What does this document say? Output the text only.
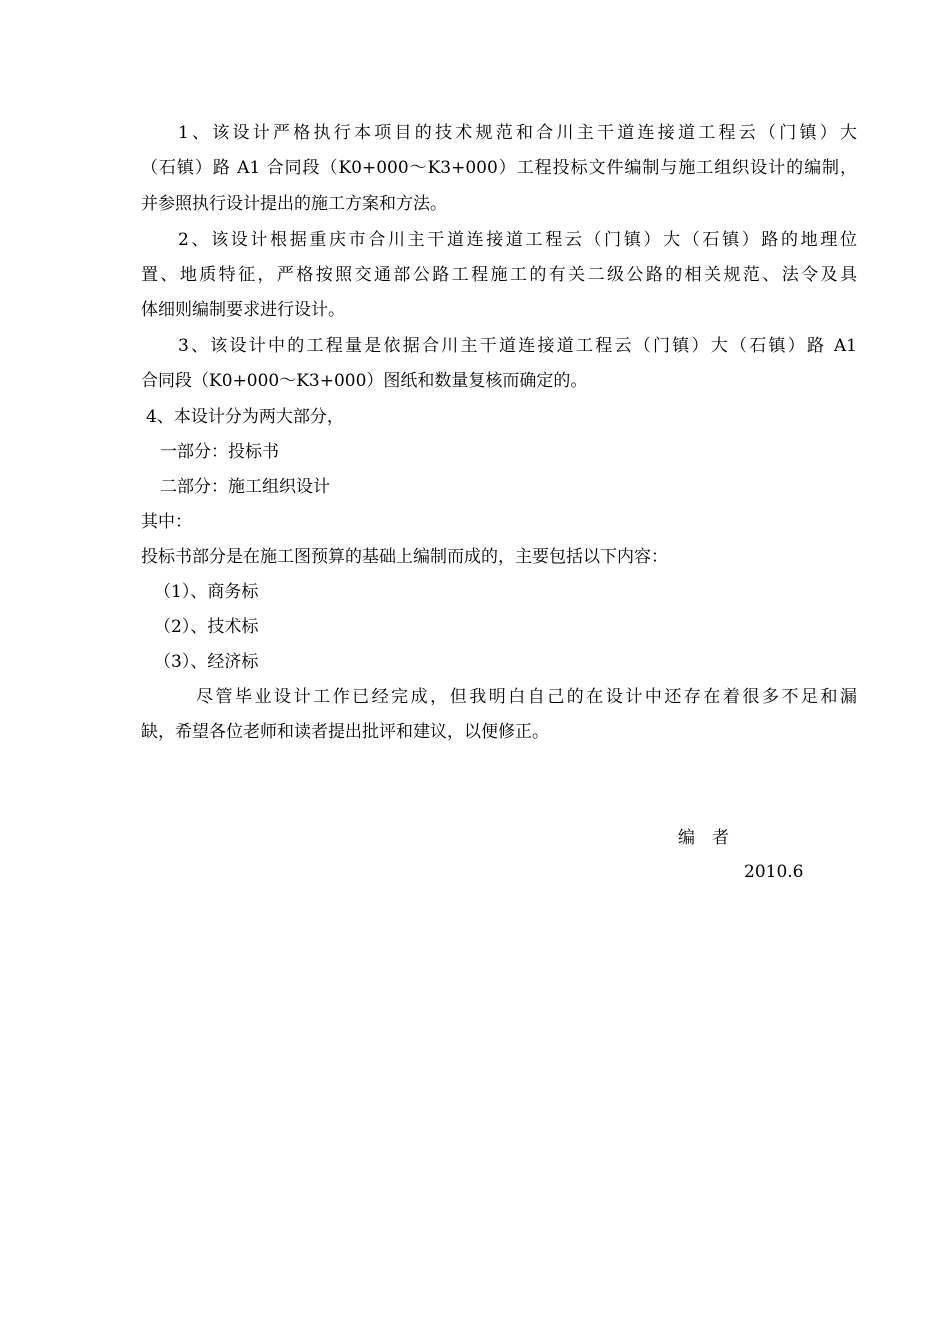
1、该设计严格执行本项目的技术规范和合川主干道连接道工程云（门镇）大
（石镇）路 A1 合同段（K0+000～K3+000）工程投标文件编制与施工组织设计的编制，
并参照执行设计提出的施工方案和方法。
2、该设计根据重庆市合川主干道连接道工程云（门镇）大（石镇）路的地理位
置、地质特征，严格按照交通部公路工程施工的有关二级公路的相关规范、法令及具
体细则编制要求进行设计。
3、该设计中的工程量是依据合川主干道连接道工程云（门镇）大（石镇）路 A1
合同段（K0+000～K3+000）图纸和数量复核而确定的。
4、本设计分为两大部分，
一部分：投标书
二部分：施工组织设计
其中：
投标书部分是在施工图预算的基础上编制而成的，主要包括以下内容：
（1）、商务标
（2）、技术标
（3）、经济标
尽管毕业设计工作已经完成，但我明白自己的在设计中还存在着很多不足和漏
缺，希望各位老师和读者提出批评和建议，以便修正。
编　者
2010.6
